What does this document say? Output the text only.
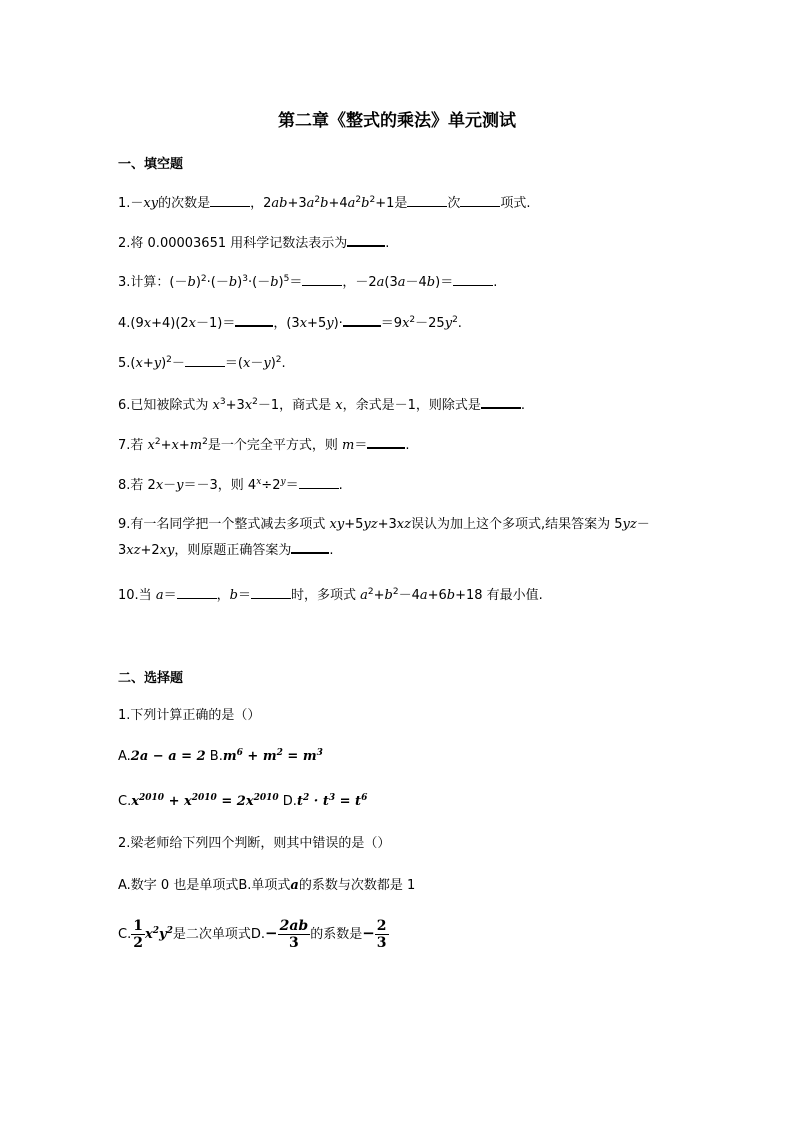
第二章《整式的乘法》单元测试
一、填空题
1.－xy的次数是	，$2ab+3a^2b+4a^2b^2+1$是	次	项式.
2.将 0.00003651 用科学记数法表示为	.
3.计算：$(-b)^2\cdot(-b)^3\cdot(-b)^5=$	，－2a(3a－4b)＝	.
4.(9x+4)(2x－1)＝	，(3x+5y)·	$=9x^2-25y^2$.
$5.(x+y)^2-$	$=(x-y)^2$.
6.已知被除式为 $x^3+3x^2-1$，商式是 x，余式是－1，则除式是	.
7.若 $x^2+x+m^2$是一个完全平方式，则 m＝	.
8.若 2x－y＝－3，则 $4^x\div 2^y=$	.
9.有一名同学把一个整式减去多项式 xy+5yz+3xz误认为加上这个多项式,结果答案为 5yz－3xz+2xy，则原题正确答案为	.
10.当 a＝	，b＝	时，多项式 $a^2+b^2-4a+6b+18$ 有最小值.
二、选择题
1.下列计算正确的是（）
A.2a − a = 2 $B.m^6 + m^2 = m^3$
$C.x^{2010} + x^{2010} = 2x^{2010}$ $D.t^2 \cdot t^3 = t^6$
2.梁老师给下列四个判断，则其中错误的是（）
A.数字 0 也是单项式B.单项式a的系数与次数都是 1
C. $\frac{1}{2} x^2y^2$是二次单项式$D.- \frac{2ab}{3}$ 的系数是− $\frac{2}{3}$
